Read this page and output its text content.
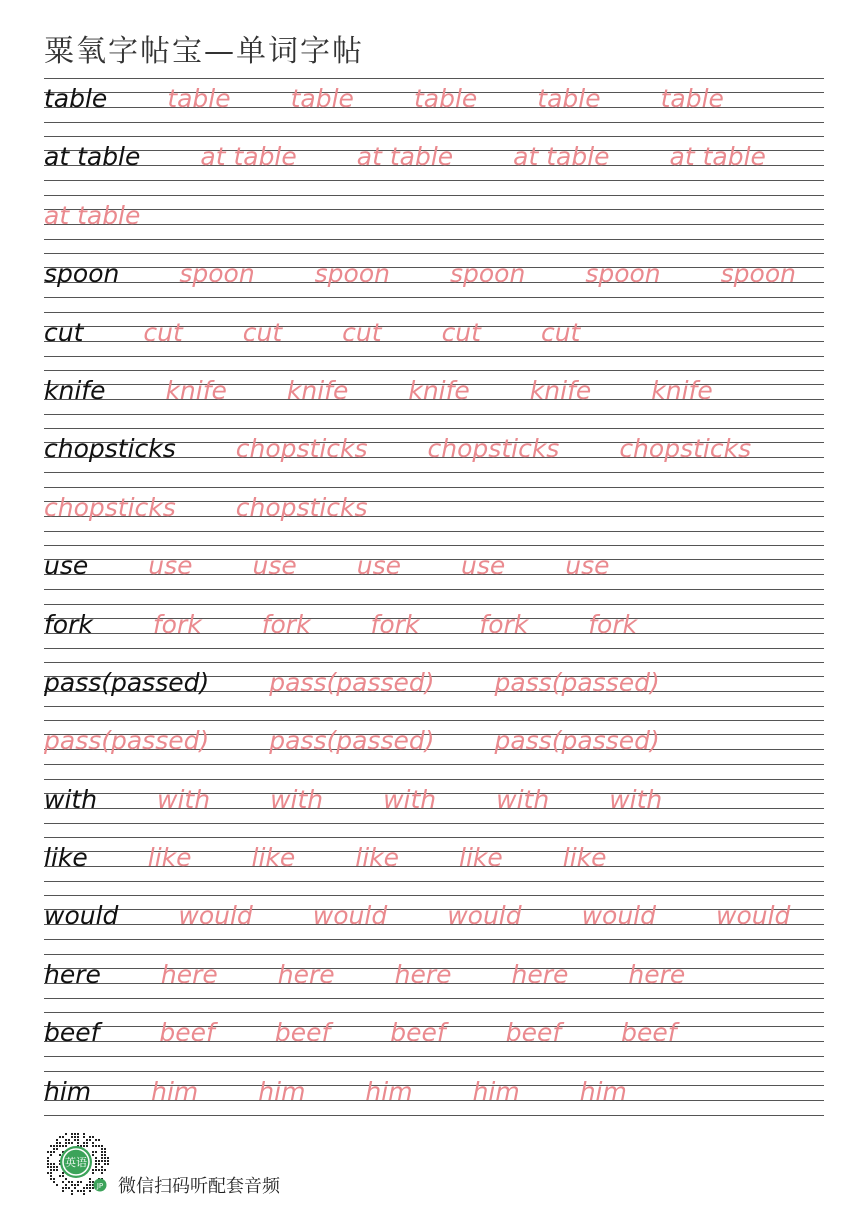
粟氧字帖宝—单词字帖
table table table table table table
at table at table at table at table at table
at table
spoon spoon spoon spoon spoon spoon
cut cut cut cut cut cut
knife knife knife knife knife knife
chopsticks chopsticks chopsticks chopsticks
chopsticks chopsticks
use use use use use use
fork fork fork fork fork fork
pass(passed) pass(passed) pass(passed)
pass(passed) pass(passed) pass(passed)
with with with with with with
like like like like like like
would would would would would would
here here here here here here
beef beef beef beef beef beef
him him him him him him
英语
JP 微信扫码听配套音频
